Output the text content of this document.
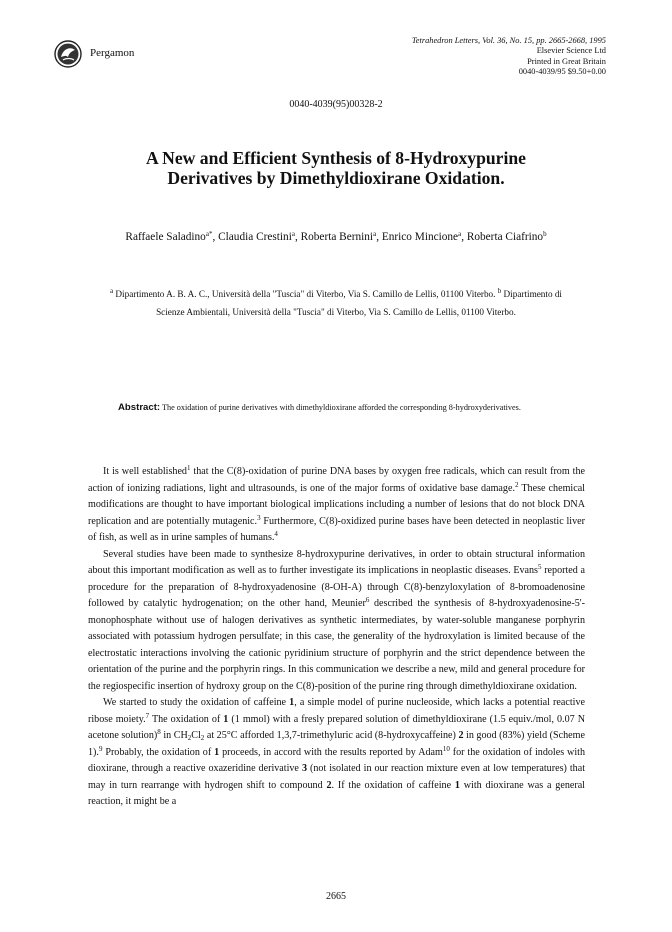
Pergamon
Tetrahedron Letters, Vol. 36, No. 15, pp. 2665-2668, 1995
Elsevier Science Ltd
Printed in Great Britain
0040-4039/95 $9.50+0.00
0040-4039(95)00328-2
A New and Efficient Synthesis of 8-Hydroxypurine
Derivatives by Dimethyldioxirane Oxidation.
Raffaele Saladino$^{a*}$, Claudia Crestini$^a$, Roberta Bernini$^a$, Enrico Mincione$^a$, Roberta Ciafrino$^b$
$^a$ Dipartimento A. B. A. C., Università della "Tuscia" di Viterbo, Via S. Camillo de Lellis, 01100 Viterbo. $^b$ Dipartimento di Scienze Ambientali, Università della "Tuscia" di Viterbo, Via S. Camillo de Lellis, 01100 Viterbo.
Abstract: The oxidation of purine derivatives with dimethyldioxirane afforded the corresponding 8-hydroxyderivatives.

It is well established$^1$ that the C(8)-oxidation of purine DNA bases by oxygen free radicals, which can result from the action of ionizing radiations, light and ultrasounds, is one of the major forms of oxidative base damage.$^2$ These chemical modifications are thought to have important biological implications including a number of lesions that do not block DNA replication and are potentially mutagenic.$^3$ Furthermore, C(8)-oxidized purine bases have been detected in neoplastic liver of fish, as well as in urine samples of humans.$^4$

Several studies have been made to synthesize 8-hydroxypurine derivatives, in order to obtain structural information about this important modification as well as to further investigate its implications in neoplastic diseases. Evans$^5$ reported a procedure for the preparation of 8-hydroxyadenosine (8-OH-A) through C(8)-benzyloxylation of 8-bromoadenosine followed by catalytic hydrogenation; on the other hand, Meunier$^6$ described the synthesis of 8-hydroxyadenosine-5'-monophosphate without use of halogen derivatives as synthetic intermediates, by water-soluble manganese porphyrin associated with potassium hydrogen persulfate; in this case, the generality of the hydroxylation is limited because of the electrostatic interactions involving the cationic pyridinium structure of porphyrin and the strict dependence between the orientation of the purine and the porphyrin rings. In this communication we describe a new, mild and general procedure for the regiospecific insertion of hydroxy group on the C(8)-position of the purine ring through dimethyldioxirane oxidation.

We started to study the oxidation of caffeine 1, a simple model of purine nucleoside, which lacks a potential reactive ribose moiety.$^7$ The oxidation of 1 (1 mmol) with a fresly prepared solution of dimethyldioxirane (1.5 equiv./mol, 0.07 N acetone solution)$^8$ in $CH_2Cl_2$ at 25°C afforded 1,3,7-trimethyluric acid (8-hydroxycaffeine) 2 in good (83%) yield (Scheme 1).$^9$ Probably, the oxidation of 1 proceeds, in accord with the results reported by Adam$^{10}$ for the oxidation of indoles with dioxirane, through a reactive oxazeridine derivative 3 (not isolated in our reaction mixture even at low temperatures) that may in turn rearrange with hydrogen shift to compound 2. If the oxidation of caffeine 1 with dioxirane was a general reaction, it might be a

2665
